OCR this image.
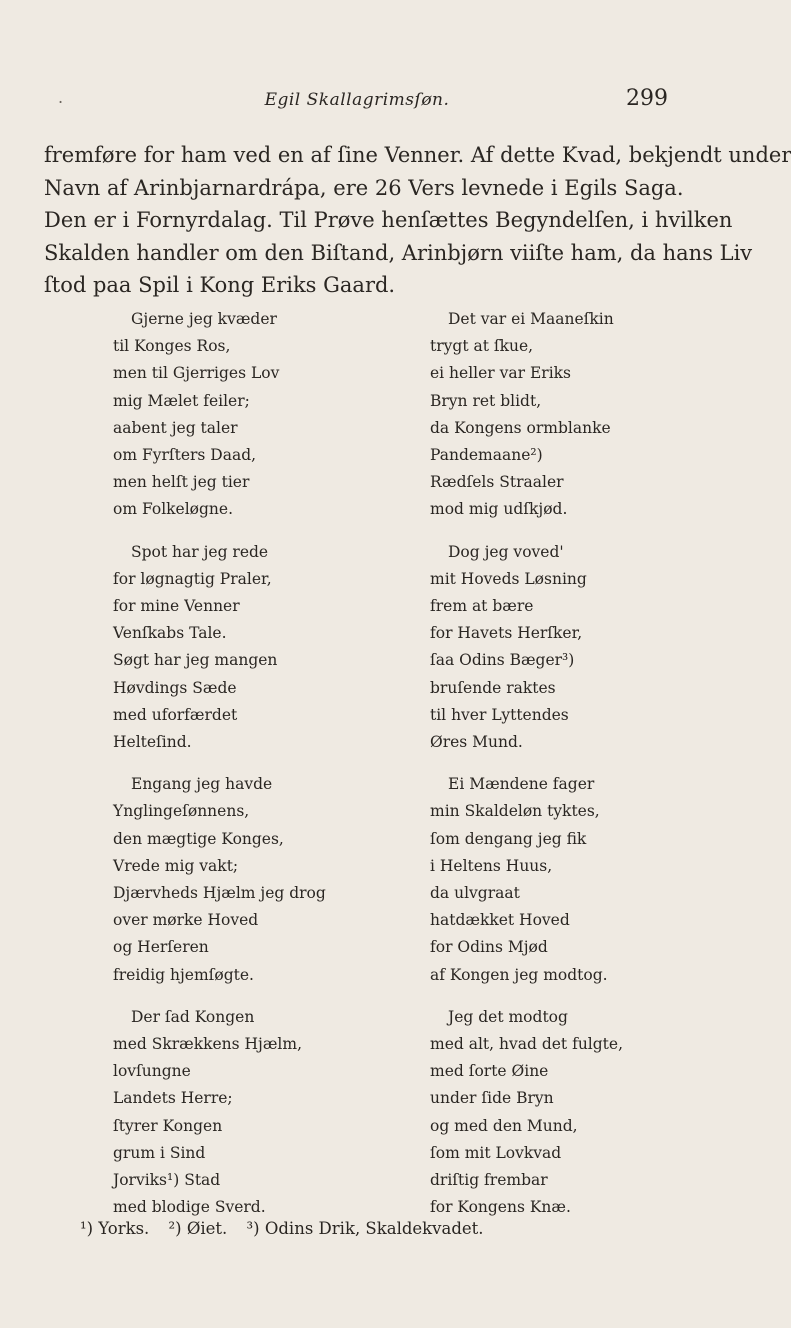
.	Egil Skallagrimsſøn.	299
fremføre for ham ved en af ſine Venner. Af dette Kvad, bekjendt under
Navn af Arinbjarnardrápa, ere 26 Vers levnede i Egils Saga.
Den er i Fornyrdalag. Til Prøve henſættes Begyndelſen, i hvilken
Skalden handler om den Biſtand, Arinbjørn viiſte ham, da hans Liv
ſtod paa Spil i Kong Eriks Gaard.
Gjerne jeg kvæder
til Konges Ros,
men til Gjerriges Lov
mig Mælet feiler;
aabent jeg taler
om Fyrſters Daad,
men helſt jeg tier
om Folkeløgne.
Spot har jeg rede
for løgnagtig Praler,
for mine Venner
Venſkabs Tale.
Søgt har jeg mangen
Høvdings Sæde
med uforfærdet
Helteſind.
Engang jeg havde
Ynglingeſønnens,
den mægtige Konges,
Vrede mig vakt;
Djærvheds Hjælm jeg drog
over mørke Hoved
og Herſeren
freidig hjemſøgte.
Der ſad Kongen
med Skrækkens Hjælm,
lovſungne
Landets Herre;
ſtyrer Kongen
grum i Sind
Jorviks¹) Stad
med blodige Sverd.
Det var ei Maaneſkin
trygt at ſkue,
ei heller var Eriks
Bryn ret blidt,
da Kongens ormblanke
Pandemaane²)
Rædſels Straaler
mod mig udſkjød.
Dog jeg voved'
mit Hoveds Løsning
frem at bære
for Havets Herſker,
ſaa Odins Bæger³)
bruſende raktes
til hver Lyttendes
Øres Mund.
Ei Mændene fager
min Skaldeløn tyktes,
ſom dengang jeg fik
i Heltens Huus,
da ulvgraat
hatdækket Hoved
for Odins Mjød
af Kongen jeg modtog.
Jeg det modtog
med alt, hvad det fulgte,
med ſorte Øine
under ſide Bryn
og med den Mund,
ſom mit Lovkvad
driſtig frembar
for Kongens Knæ.
¹) Yorks. ²) Øiet. ³) Odins Drik, Skaldekvadet.
